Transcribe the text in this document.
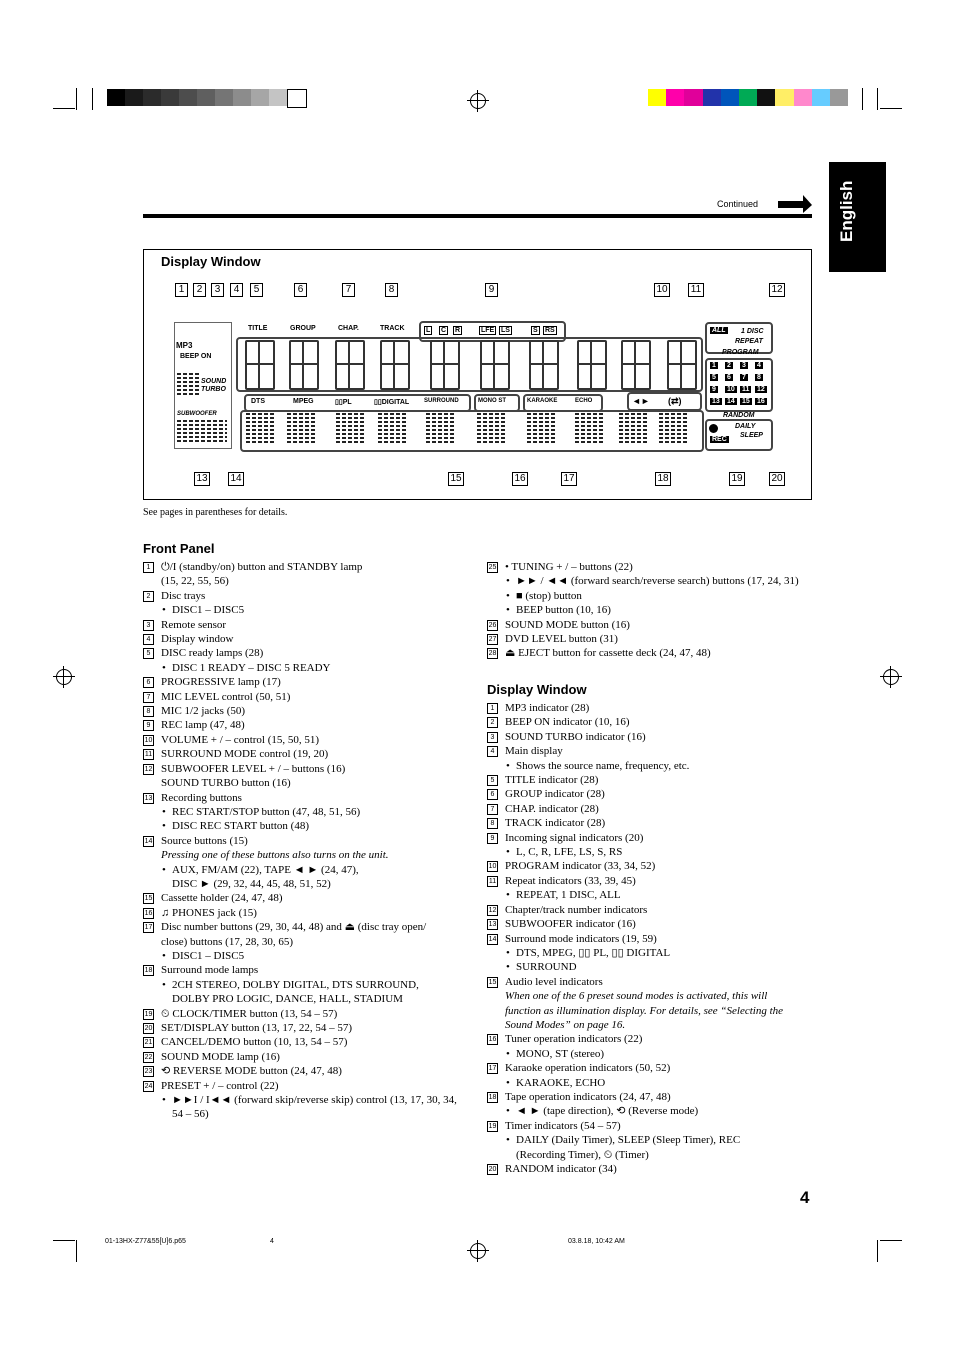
English
Continued
Display Window
1	2	3	4	5	6	7	8	9	10 11	12
13 14	15	16	17	18	19	20
MP3
BEEP ON
SOUND
TURBO
SUBWOOFER
TITLE	GROUP	CHAP.	TRACK	L C R	LFE LS	S RS	ALL 1 DISC
REPEAT
PROGRAM
1 2 3 4
5 6 7 8
9 10 11 12
13 14 15 16
RANDOM
DAILY
SLEEP
REC
DTS	MPEG	▯▯PL	▯▯DIGITAL SURROUND	MONO ST	KARAOKE	ECHO	◄► (⇄)
See pages in parentheses for details.
Front Panel
1 ⏻/I (standby/on) button and STANDBY lamp
(15, 22, 55, 56)
2 Disc trays
• DISC1 – DISC5
3 Remote sensor
4 Display window
5 DISC ready lamps (28)
• DISC 1 READY – DISC 5 READY
6 PROGRESSIVE lamp (17)
7 MIC LEVEL control (50, 51)
8 MIC 1/2 jacks (50)
9 REC lamp (47, 48)
10 VOLUME + / – control (15, 50, 51)
11 SURROUND MODE control (19, 20)
12 SUBWOOFER LEVEL + / – buttons (16)
SOUND TURBO button (16)
13 Recording buttons
• REC START/STOP button (47, 48, 51, 56)
• DISC REC START button (48)
14 Source buttons (15)
Pressing one of these buttons also turns on the unit.
• AUX, FM/AM (22), TAPE ◄ ► (24, 47),
DISC ► (29, 32, 44, 45, 48, 51, 52)
15 Cassette holder (24, 47, 48)
16 ♫ PHONES jack (15)
17 Disc number buttons (29, 30, 44, 48) and ⏏ (disc tray open/
close) buttons (17, 28, 30, 65)
• DISC1 – DISC5
18 Surround mode lamps
• 2CH STEREO, DOLBY DIGITAL, DTS SURROUND,
DOLBY PRO LOGIC, DANCE, HALL, STADIUM
19 ⏲ CLOCK/TIMER button (13, 54 – 57)
20 SET/DISPLAY button (13, 17, 22, 54 – 57)
21 CANCEL/DEMO button (10, 13, 54 – 57)
22 SOUND MODE lamp (16)
23 ⟲ REVERSE MODE button (24, 47, 48)
24 PRESET + / – control (22)
• ►►I / I◄◄ (forward skip/reverse skip) control (13, 17, 30, 34,
54 – 56)
25 • TUNING + / – buttons (22)
• ►► / ◄◄ (forward search/reverse search) buttons (17, 24, 31)
• ■ (stop) button
• BEEP button (10, 16)
26 SOUND MODE button (16)
27 DVD LEVEL button (31)
28 ⏏ EJECT button for cassette deck (24, 47, 48)
Display Window
1 MP3 indicator (28)
2 BEEP ON indicator (10, 16)
3 SOUND TURBO indicator (16)
4 Main display
• Shows the source name, frequency, etc.
5 TITLE indicator (28)
6 GROUP indicator (28)
7 CHAP. indicator (28)
8 TRACK indicator (28)
9 Incoming signal indicators (20)
• L, C, R, LFE, LS, S, RS
10 PROGRAM indicator (33, 34, 52)
11 Repeat indicators (33, 39, 45)
• REPEAT, 1 DISC, ALL
12 Chapter/track number indicators
13 SUBWOOFER indicator (16)
14 Surround mode indicators (19, 59)
• DTS, MPEG, ▯▯ PL, ▯▯ DIGITAL
• SURROUND
15 Audio level indicators
When one of the 6 preset sound modes is activated, this will
function as illumination display. For details, see “Selecting the
Sound Modes” on page 16.
16 Tuner operation indicators (22)
• MONO, ST (stereo)
17 Karaoke operation indicators (50, 52)
• KARAOKE, ECHO
18 Tape operation indicators (24, 47, 48)
• ◄ ► (tape direction), ⟲ (Reverse mode)
19 Timer indicators (54 – 57)
• DAILY (Daily Timer), SLEEP (Sleep Timer), REC
(Recording Timer), ⏲ (Timer)
20 RANDOM indicator (34)
4
01-13HX-Z77&55[U]6.p65	4	03.8.18, 10:42 AM
